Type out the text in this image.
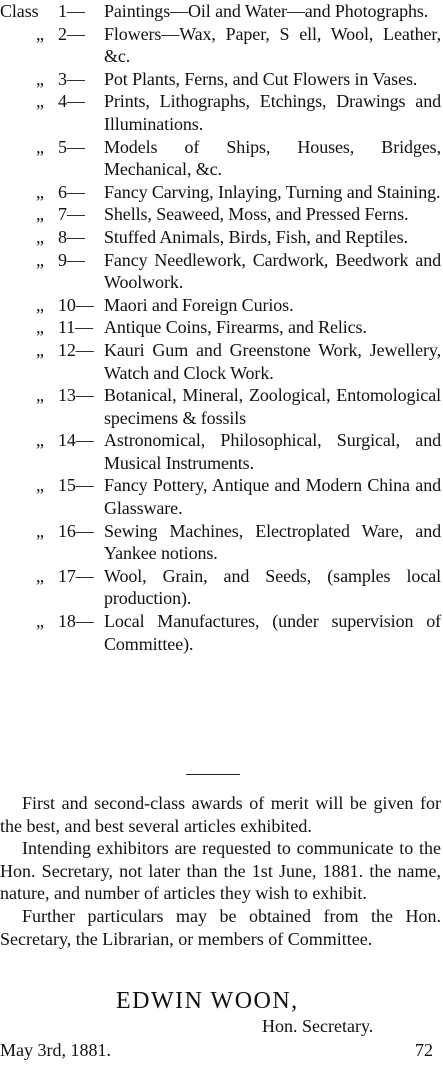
Class 1— Paintings—Oil and Water—and Photographs.
„ 2— Flowers—Wax, Paper, S ell, Wool, Leather, &c.
„ 3— Pot Plants, Ferns, and Cut Flowers in Vases.
„ 4— Prints, Lithographs, Etchings, Drawings and Illuminations.
„ 5— Models of Ships, Houses, Bridges, Mechanical, &c.
„ 6— Fancy Carving, Inlaying, Turning and Staining.
„ 7— Shells, Seaweed, Moss, and Pressed Ferns.
„ 8— Stuffed Animals, Birds, Fish, and Reptiles.
„ 9— Fancy Needlework, Cardwork, Beedwork and Woolwork.
„ 10— Maori and Foreign Curios.
„ 11— Antique Coins, Firearms, and Relics.
„ 12— Kauri Gum and Greenstone Work, Jewellery, Watch and Clock Work.
„ 13— Botanical, Mineral, Zoological, Entomological specimens & fossils
„ 14— Astronomical, Philosophical, Surgical, and Musical Instruments.
„ 15— Fancy Pottery, Antique and Modern China and Glassware.
„ 16— Sewing Machines, Electroplated Ware, and Yankee notions.
„ 17— Wool, Grain, and Seeds, (samples local production).
„ 18— Local Manufactures, (under supervision of Committee).

First and second-class awards of merit will be given for the best, and best several articles exhibited.

Intending exhibitors are requested to communicate to the Hon. Secretary, not later than the 1st June, 1881. the name, nature, and number of articles they wish to exhibit.

Further particulars may be obtained from the Hon. Secretary, the Librarian, or members of Committee.

EDWIN WOON,
Hon. Secretary.
May 3rd, 1881.	72
